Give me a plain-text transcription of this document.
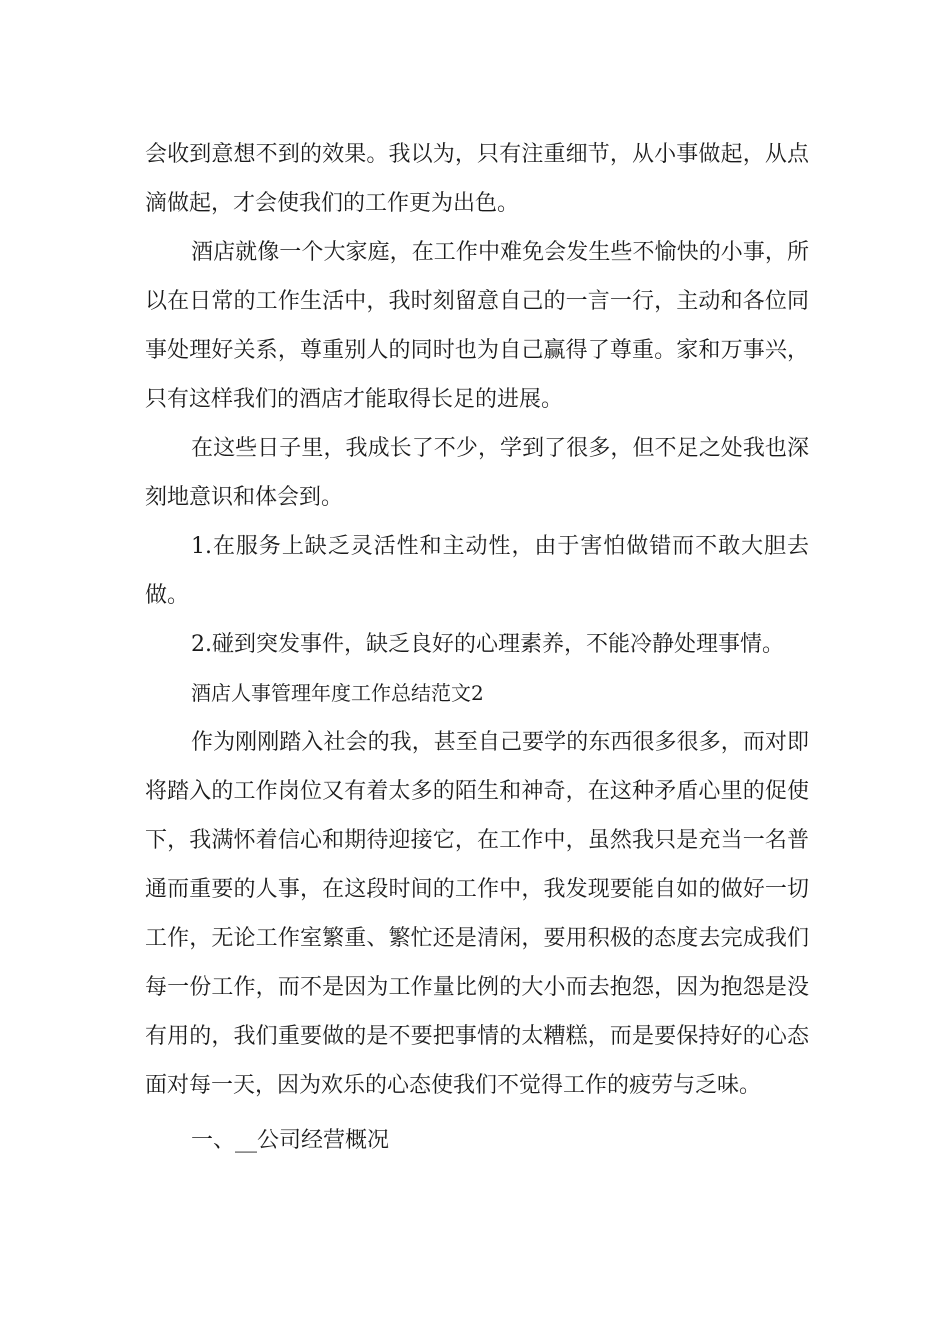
会收到意想不到的效果。我以为，只有注重细节，从小事做起，从点滴做起，才会使我们的工作更为出色。

酒店就像一个大家庭，在工作中难免会发生些不愉快的小事，所以在日常的工作生活中，我时刻留意自己的一言一行，主动和各位同事处理好关系，尊重别人的同时也为自己赢得了尊重。家和万事兴，只有这样我们的酒店才能取得长足的进展。

在这些日子里，我成长了不少，学到了很多，但不足之处我也深刻地意识和体会到。

1.在服务上缺乏灵活性和主动性，由于害怕做错而不敢大胆去做。

2.碰到突发事件，缺乏良好的心理素养，不能冷静处理事情。

酒店人事管理年度工作总结范文2

作为刚刚踏入社会的我，甚至自己要学的东西很多很多，而对即将踏入的工作岗位又有着太多的陌生和神奇，在这种矛盾心里的促使下，我满怀着信心和期待迎接它，在工作中，虽然我只是充当一名普通而重要的人事，在这段时间的工作中，我发现要能自如的做好一切工作，无论工作室繁重、繁忙还是清闲，要用积极的态度去完成我们每一份工作，而不是因为工作量比例的大小而去抱怨，因为抱怨是没有用的，我们重要做的是不要把事情的太糟糕，而是要保持好的心态面对每一天，因为欢乐的心态使我们不觉得工作的疲劳与乏味。

一、__公司经营概况
